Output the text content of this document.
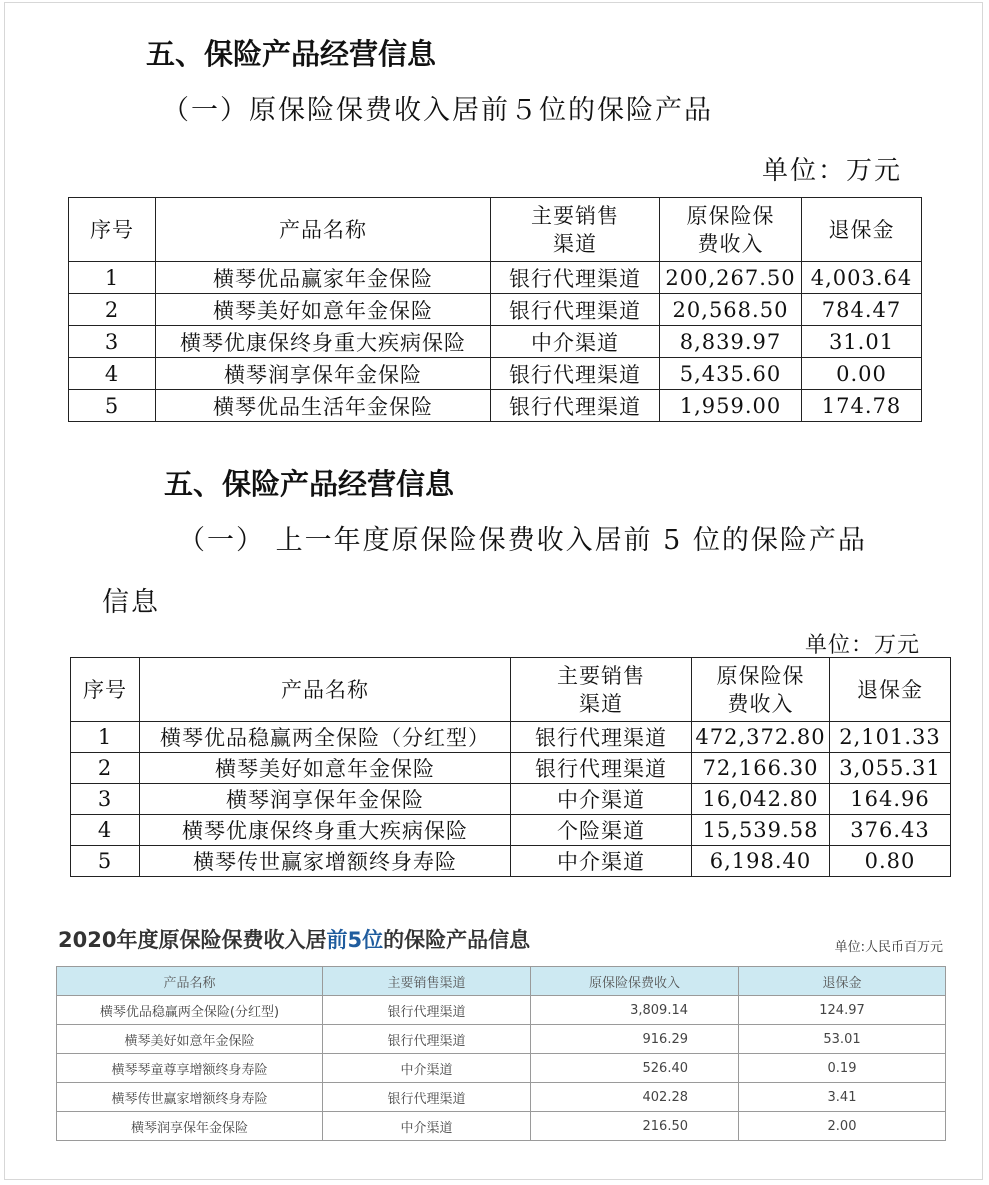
五、保险产品经营信息
（一）原保险保费收入居前５位的保险产品
单位：万元
序号	产品名称	主要销售渠道	原保险保费收入	退保金
1	横琴优品赢家年金保险	银行代理渠道	200,267.50	4,003.64
2	横琴美好如意年金保险	银行代理渠道	20,568.50	784.47
3	横琴优康保终身重大疾病保险	中介渠道	8,839.97	31.01
4	横琴润享保年金保险	银行代理渠道	5,435.60	0.00
5	横琴优品生活年金保险	银行代理渠道	1,959.00	174.78
五、保险产品经营信息
（一） 上一年度原保险保费收入居前 5 位的保险产品
信息
单位：万元
序号	产品名称	主要销售渠道	原保险保费收入	退保金
1	横琴优品稳赢两全保险（分红型）	银行代理渠道	472,372.80	2,101.33
2	横琴美好如意年金保险	银行代理渠道	72,166.30	3,055.31
3	横琴润享保年金保险	中介渠道	16,042.80	164.96
4	横琴优康保终身重大疾病保险	个险渠道	15,539.58	376.43
5	横琴传世赢家增额终身寿险	中介渠道	6,198.40	0.80
2020年度原保险保费收入居前5位的保险产品信息	单位:人民币百万元
产品名称	主要销售渠道	原保险保费收入	退保金
横琴优品稳赢两全保险(分红型)	银行代理渠道	3,809.14	124.97
横琴美好如意年金保险	银行代理渠道	916.29	53.01
横琴琴童尊享增额终身寿险	中介渠道	526.40	0.19
横琴传世赢家增额终身寿险	银行代理渠道	402.28	3.41
横琴润享保年金保险	中介渠道	216.50	2.00
